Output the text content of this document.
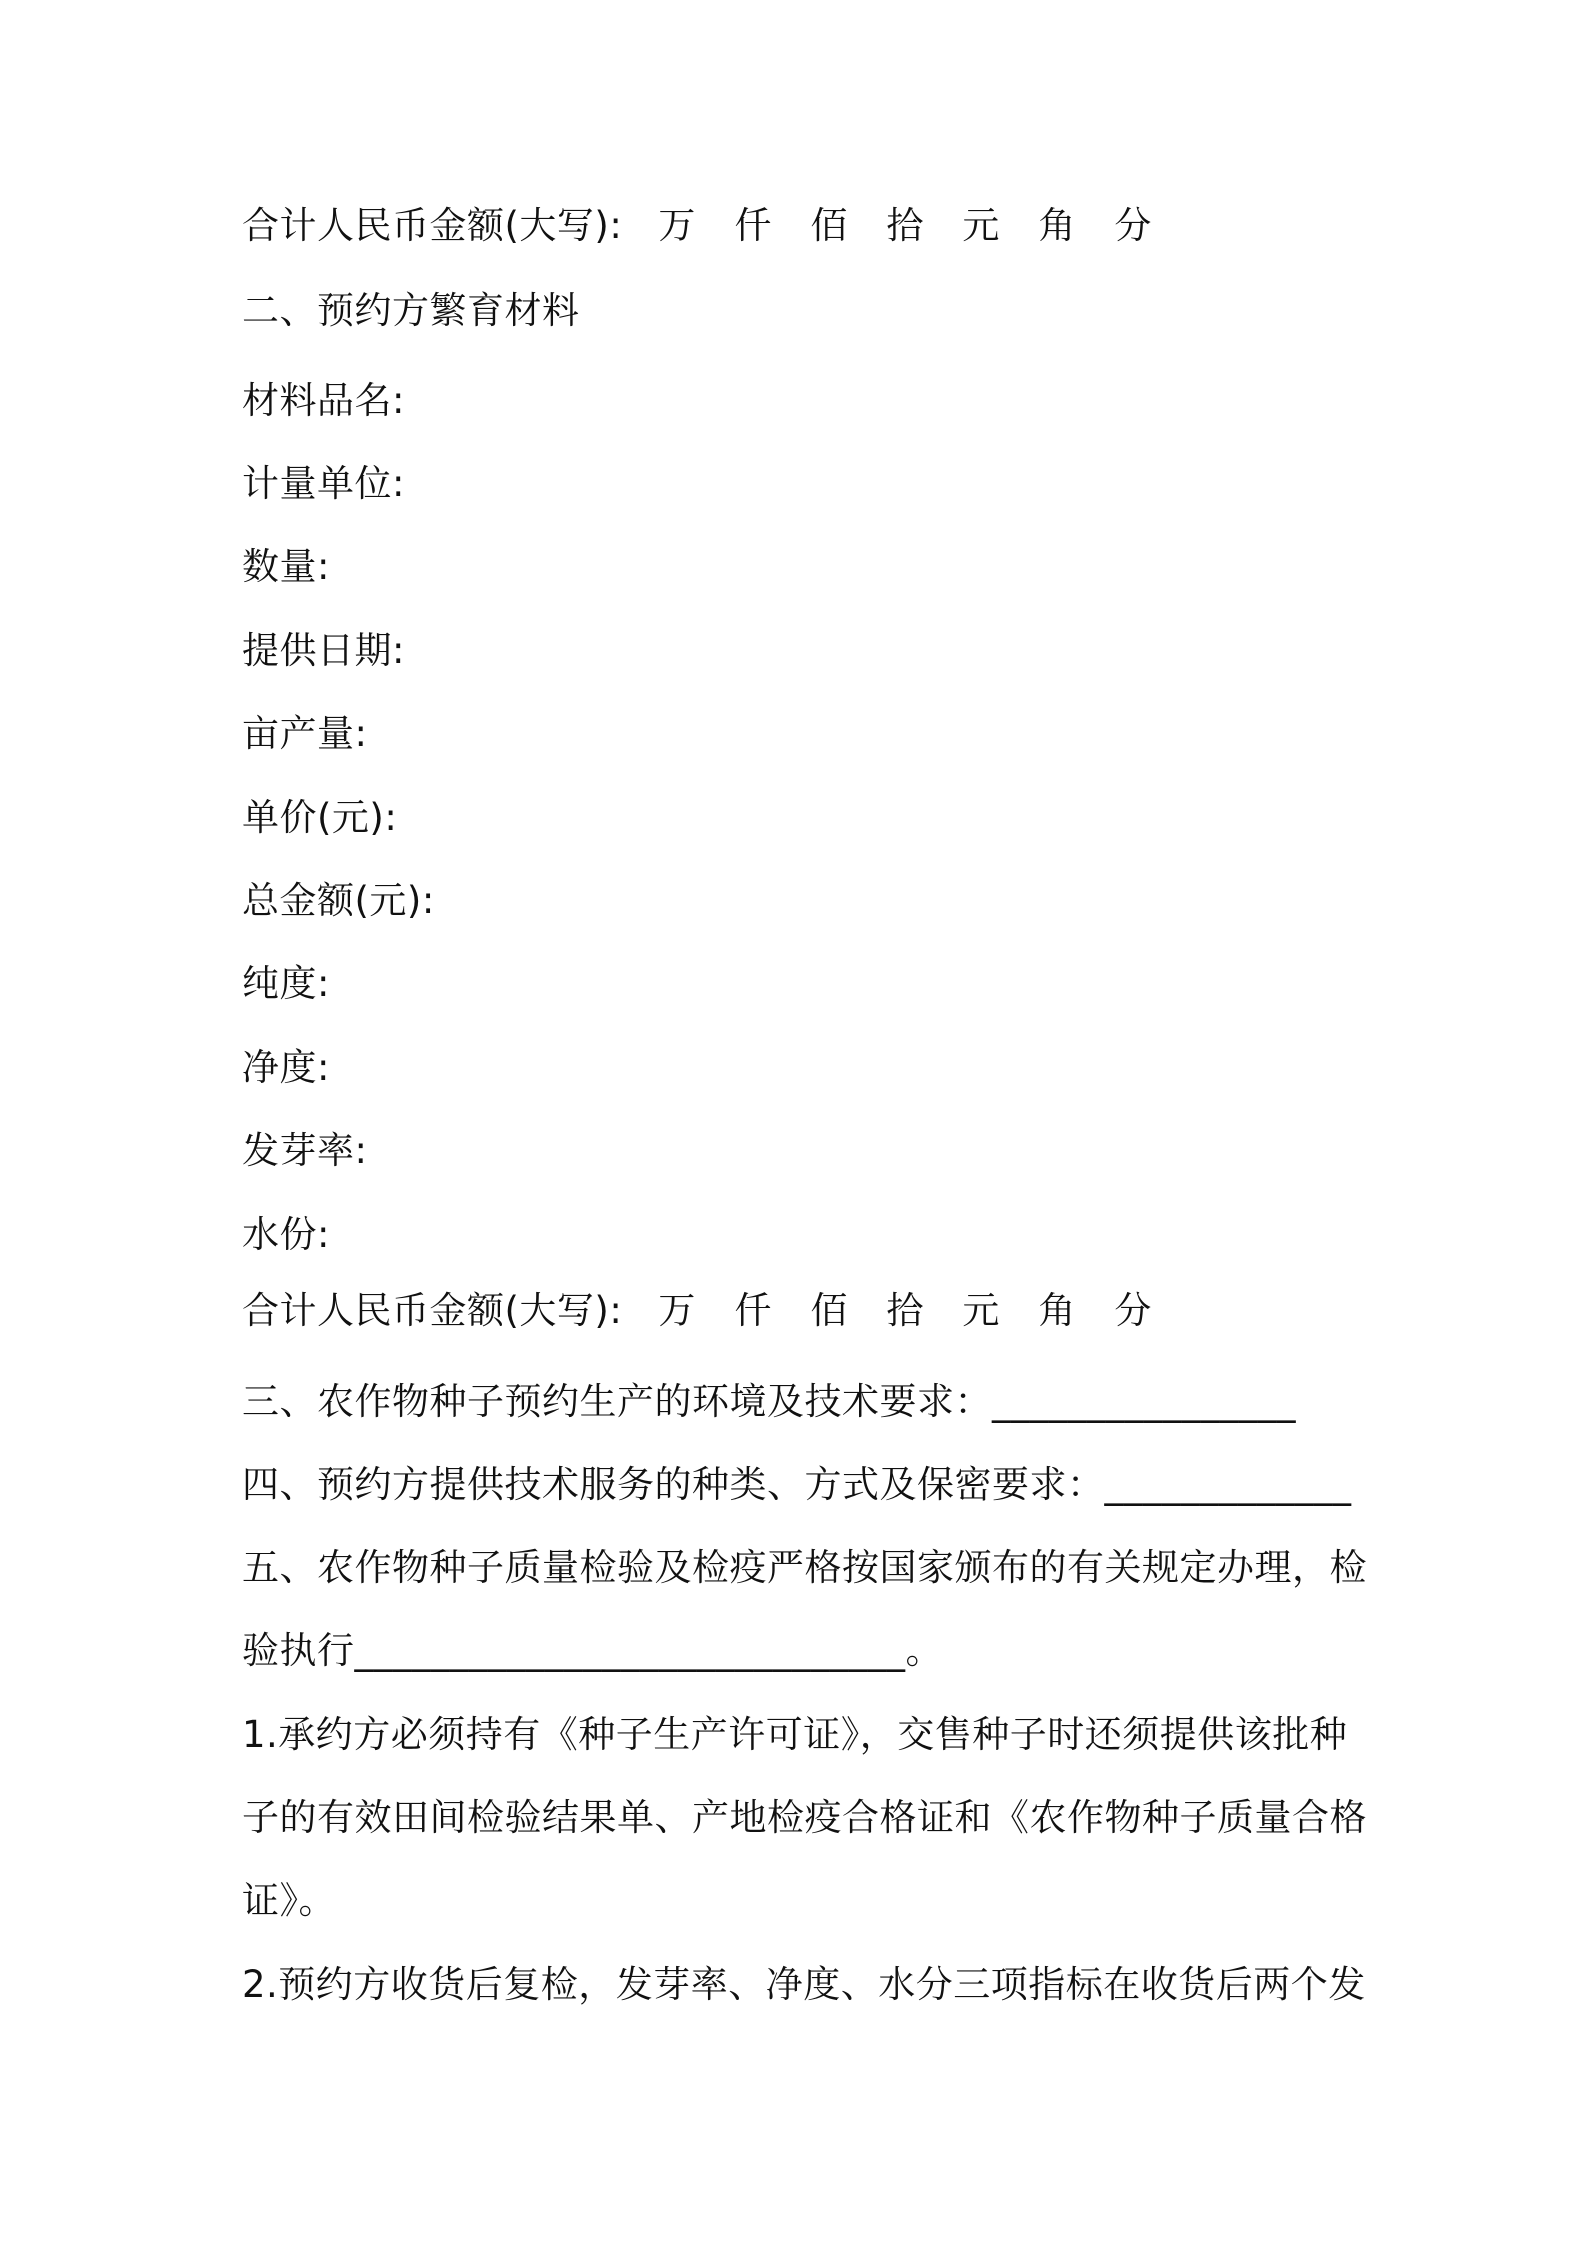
合计人民币金额(大写): 万 仟 佰 拾 元 角 分
二、预约方繁育材料
材料品名:
计量单位:
数量:
提供日期:
亩产量:
单价(元):
总金额(元):
纯度:
净度:
发芽率:
水份:
合计人民币金额(大写): 万 仟 佰 拾 元 角 分
三、农作物种子预约生产的环境及技术要求：________________
四、预约方提供技术服务的种类、方式及保密要求：_____________
五、农作物种子质量检验及检疫严格按国家颁布的有关规定办理，检
验执行_____________________________。
1.承约方必须持有《种子生产许可证》，交售种子时还须提供该批种
子的有效田间检验结果单、产地检疫合格证和《农作物种子质量合格
证》。
2.预约方收货后复检，发芽率、净度、水分三项指标在收货后两个发
